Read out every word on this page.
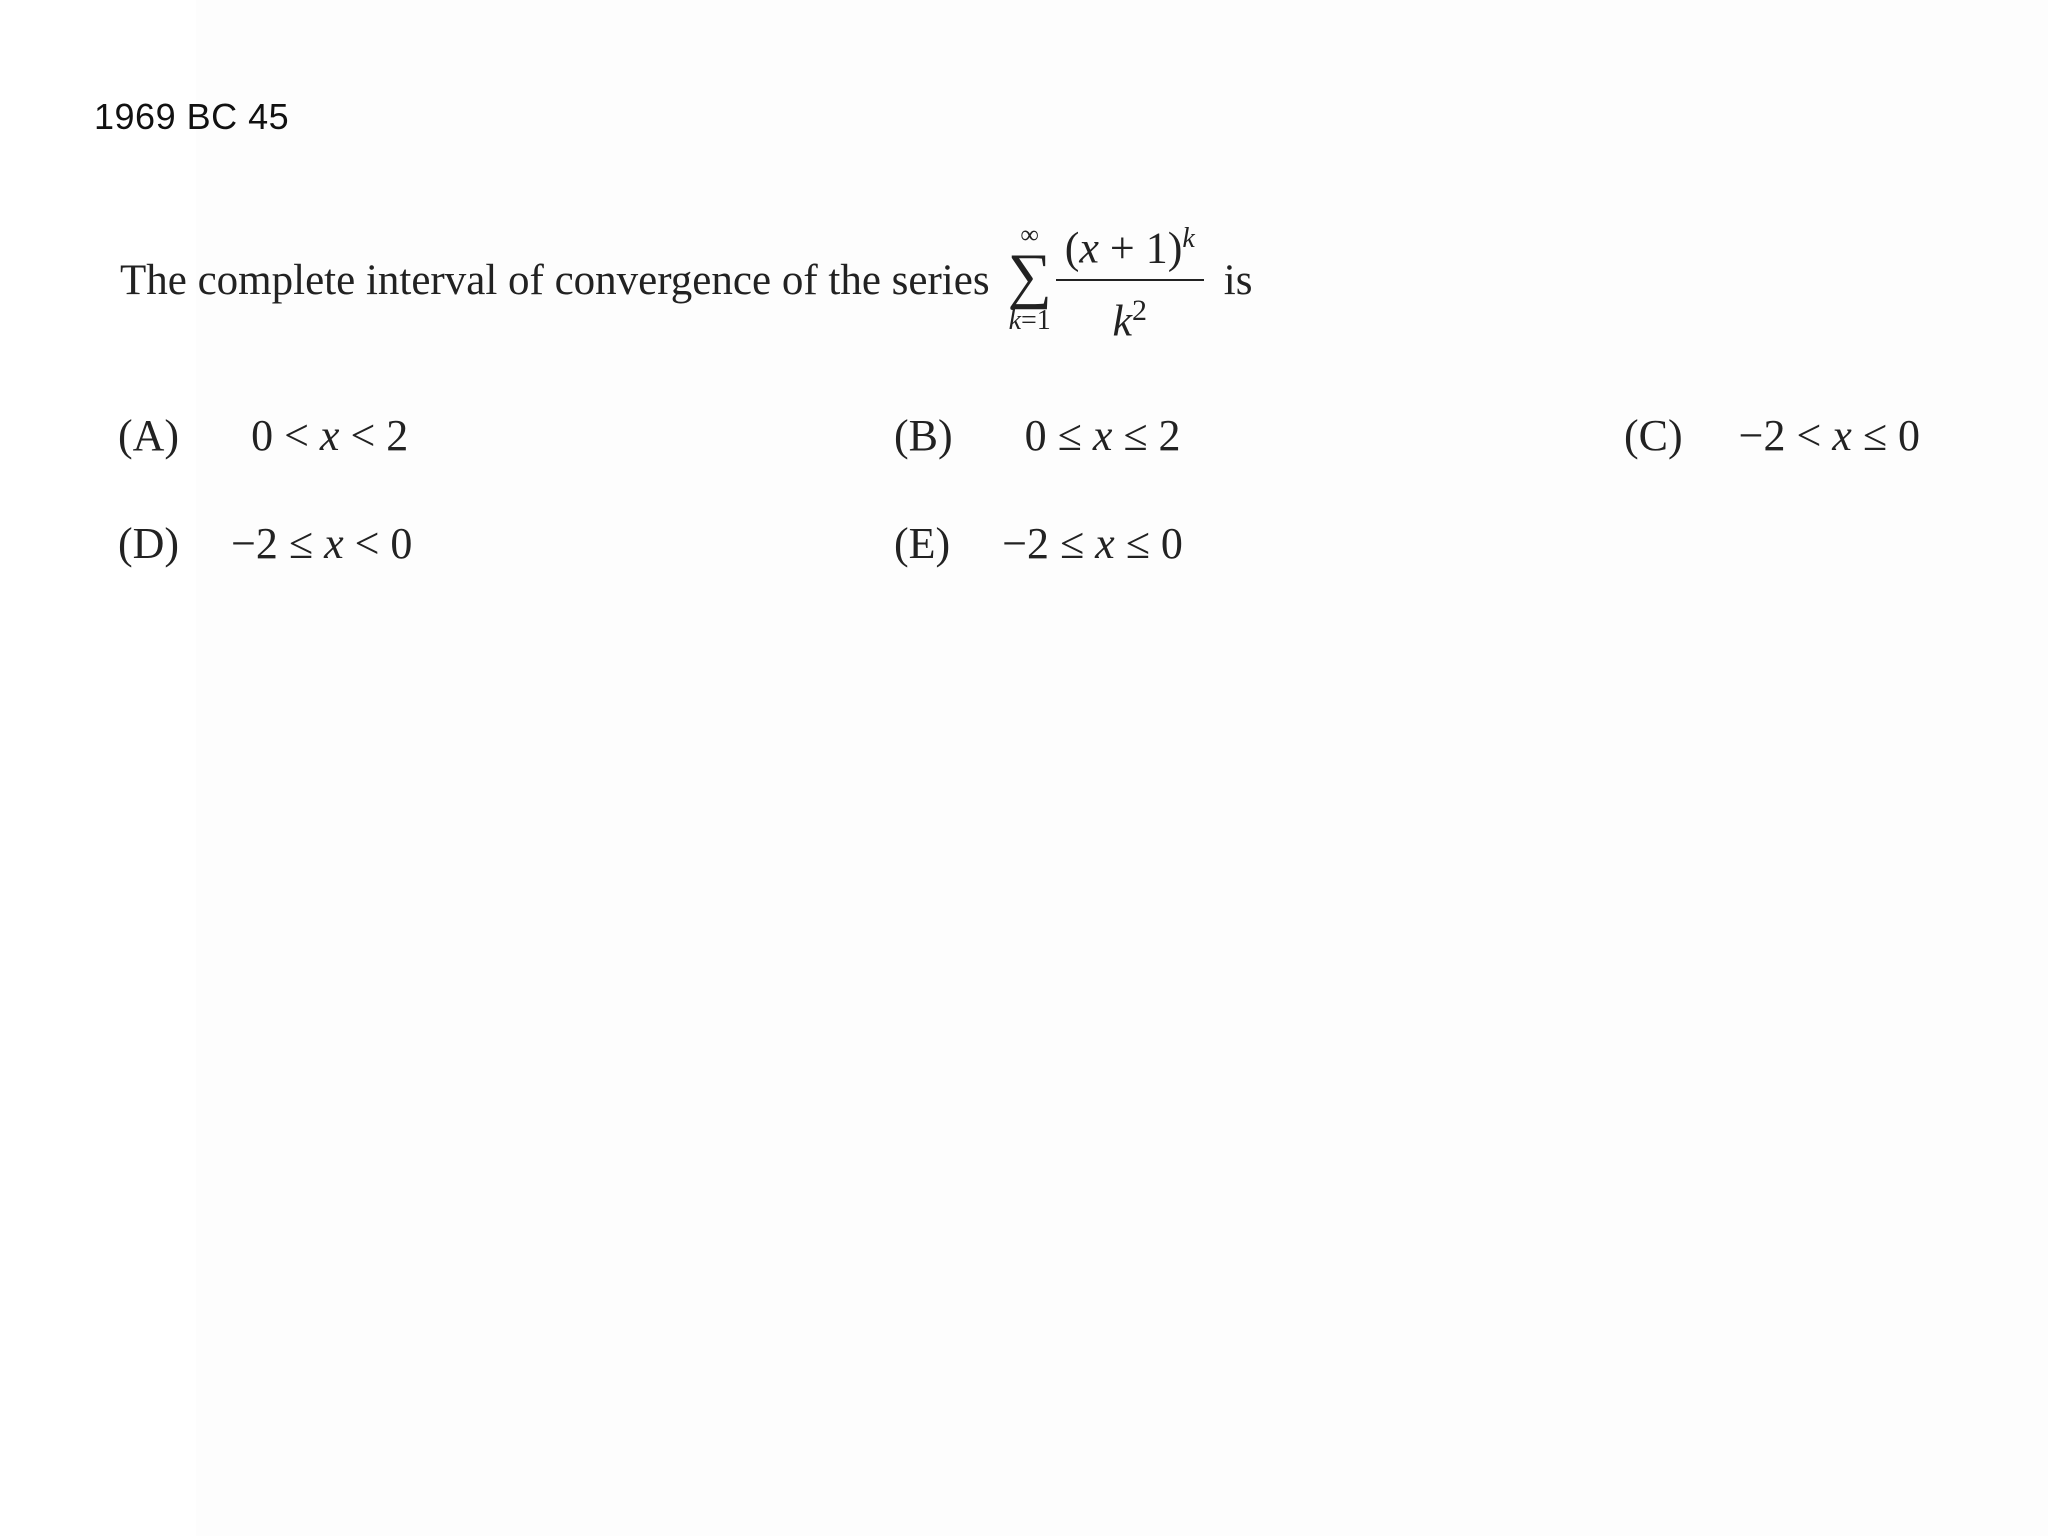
1969 BC 45
The complete interval of convergence of the series
∞
∑
$k=1 \frac{(x + 1)^k}{k^2}$ is
(A) 0 < x < 2	(B) 0 ≤ x ≤ 2	(C) −2 < x ≤ 0
(D) −2 ≤ x < 0	(E) −2 ≤ x ≤ 0
